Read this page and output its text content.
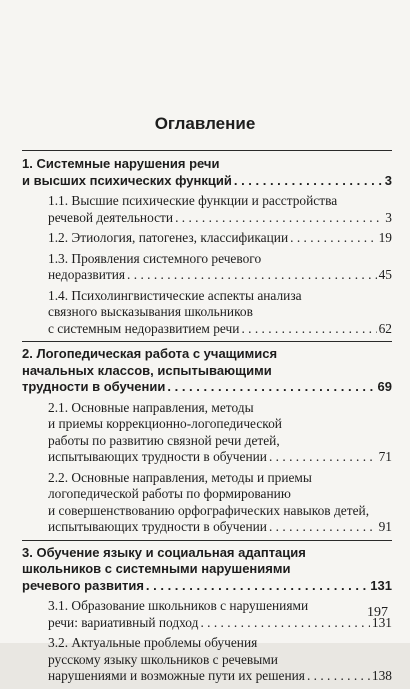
Оглавление
1. Системные нарушения речи
и высших психических функций . . .	3
1.1. Высшие психические функции и расстройства
речевой деятельности . . .	3
1.2. Этиология, патогенез, классификации . . .	19
1.3. Проявления системного речевого
недоразвития . . .	45
1.4. Психолингвистические аспекты анализа
связного высказывания школьников
с системным недоразвитием речи . . .	62
2. Логопедическая работа с учащимися
начальных классов, испытывающими
трудности в обучении . . .	69
2.1. Основные направления, методы
и приемы коррекционно-логопедической
работы по развитию связной речи детей,
испытывающих трудности в обучении . . .	71
2.2. Основные направления, методы и приемы
логопедической работы по формированию
и совершенствованию орфографических навыков детей,
испытывающих трудности в обучении . . .	91
3. Обучение языку и социальная адаптация
школьников с системными нарушениями
речевого развития . . .	131
3.1. Образование школьников с нарушениями
речи: вариативный подход . . .	131
3.2. Актуальные проблемы обучения
русскому языку школьников с речевыми
нарушениями и возможные пути их решения . . .	138
197
